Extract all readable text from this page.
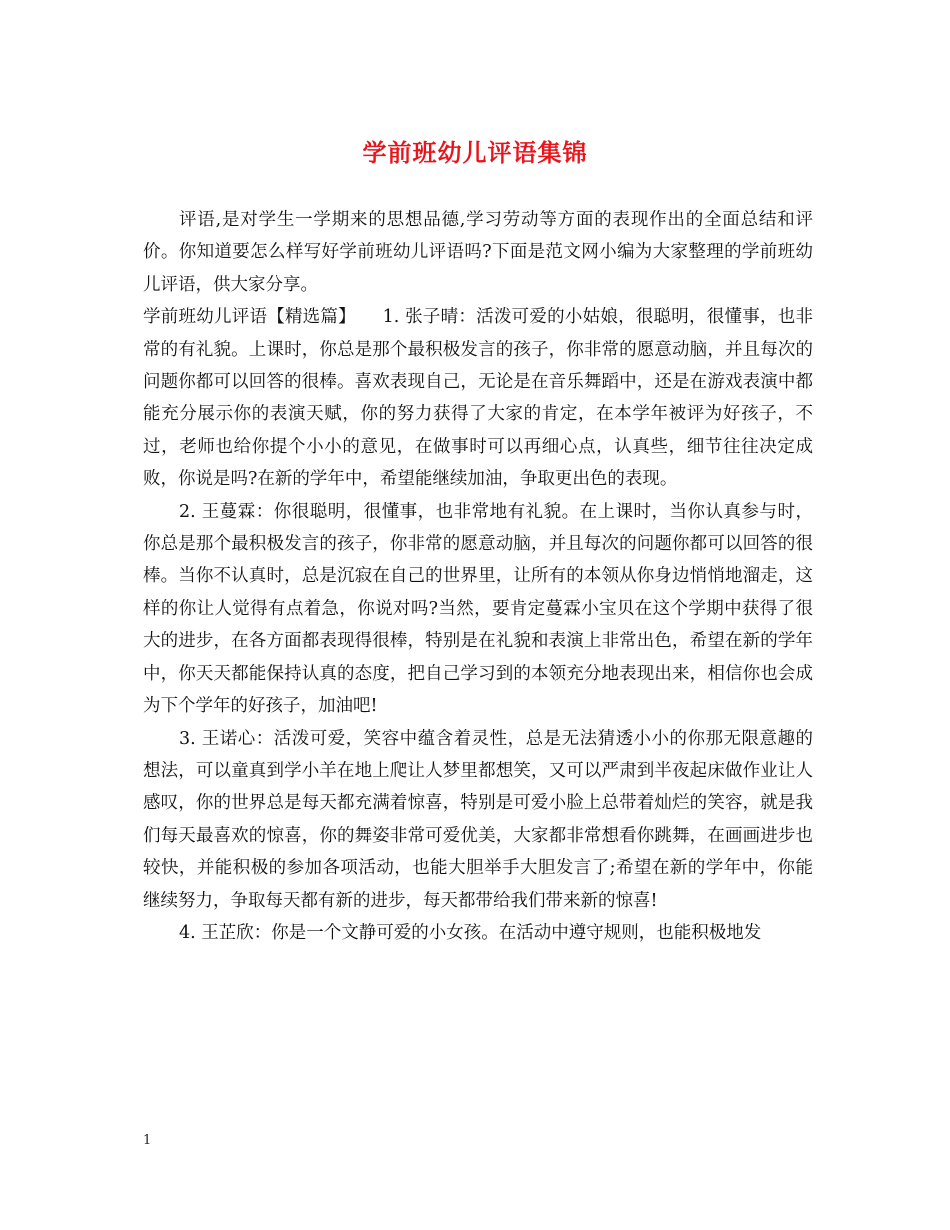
学前班幼儿评语集锦

评语,是对学生一学期来的思想品德,学习劳动等方面的表现作出的全面总结和评价。你知道要怎么样写好学前班幼儿评语吗?下面是范文网小编为大家整理的学前班幼儿评语，供大家分享。

学前班幼儿评语【精选篇】　　1. 张子晴：活泼可爱的小姑娘，很聪明，很懂事，也非常的有礼貌。上课时，你总是那个最积极发言的孩子，你非常的愿意动脑，并且每次的问题你都可以回答的很棒。喜欢表现自己，无论是在音乐舞蹈中，还是在游戏表演中都能充分展示你的表演天赋，你的努力获得了大家的肯定，在本学年被评为好孩子，不过，老师也给你提个小小的意见，在做事时可以再细心点，认真些，细节往往决定成败，你说是吗?在新的学年中，希望能继续加油，争取更出色的表现。

2. 王蔓霖：你很聪明，很懂事，也非常地有礼貌。在上课时，当你认真参与时，你总是那个最积极发言的孩子，你非常的愿意动脑，并且每次的问题你都可以回答的很棒。当你不认真时，总是沉寂在自己的世界里，让所有的本领从你身边悄悄地溜走，这样的你让人觉得有点着急，你说对吗?当然，要肯定蔓霖小宝贝在这个学期中获得了很大的进步，在各方面都表现得很棒，特别是在礼貌和表演上非常出色，希望在新的学年中，你天天都能保持认真的态度，把自己学习到的本领充分地表现出来，相信你也会成为下个学年的好孩子，加油吧!

3. 王诺心：活泼可爱，笑容中蕴含着灵性，总是无法猜透小小的你那无限意趣的想法，可以童真到学小羊在地上爬让人梦里都想笑，又可以严肃到半夜起床做作业让人感叹，你的世界总是每天都充满着惊喜，特别是可爱小脸上总带着灿烂的笑容，就是我们每天最喜欢的惊喜，你的舞姿非常可爱优美，大家都非常想看你跳舞，在画画进步也较快，并能积极的参加各项活动，也能大胆举手大胆发言了;希望在新的学年中，你能继续努力，争取每天都有新的进步，每天都带给我们带来新的惊喜!

4. 王芷欣：你是一个文静可爱的小女孩。在活动中遵守规则，也能积极地发

1
